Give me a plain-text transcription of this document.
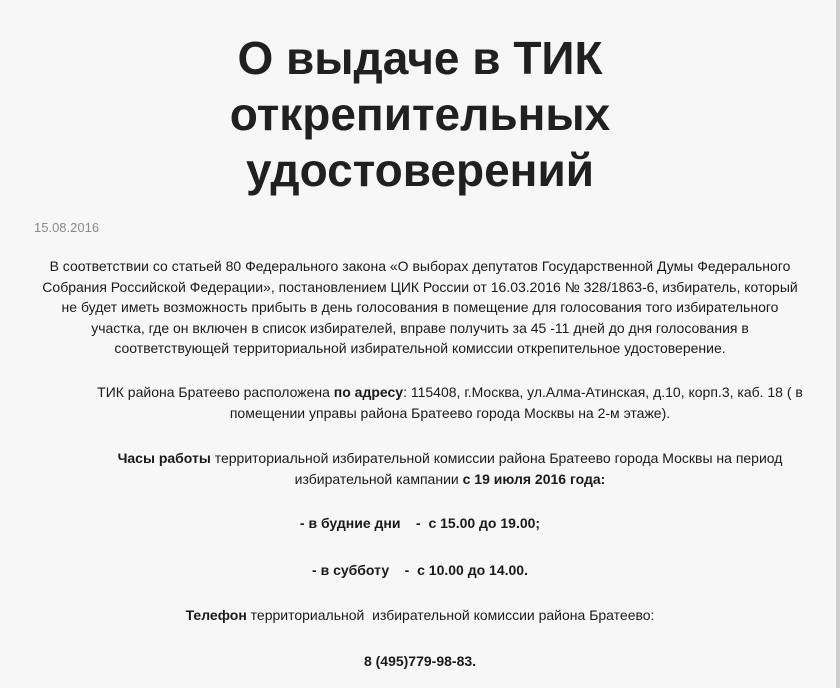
О выдаче в ТИК
открепительных
удостоверений
15.08.2016

В соответствии со статьей 80 Федерального закона «О выборах депутатов Государственной Думы Федерального Собрания Российской Федерации», постановлением ЦИК России от 16.03.2016 № 328/1863-6, избиратель, который не будет иметь возможность прибыть в день голосования в помещение для голосования того избирательного участка, где он включен в список избирателей, вправе получить за 45 -11 дней до дня голосования в соответствующей территориальной избирательной комиссии открепительное удостоверение.

ТИК района Братеево расположена по адресу: 115408, г.Москва, ул.Алма-Атинская, д.10, корп.3, каб. 18 ( в помещении управы района Братеево города Москвы на 2-м этаже).

Часы работы территориальной избирательной комиссии района Братеево города Москвы на период избирательной кампании с 19 июля 2016 года:

- в будние дни    -  с 15.00 до 19.00;

- в субботу    -  с 10.00 до 14.00.

Телефон территориальной  избирательной комиссии района Братеево:

8 (495)779-98-83.
